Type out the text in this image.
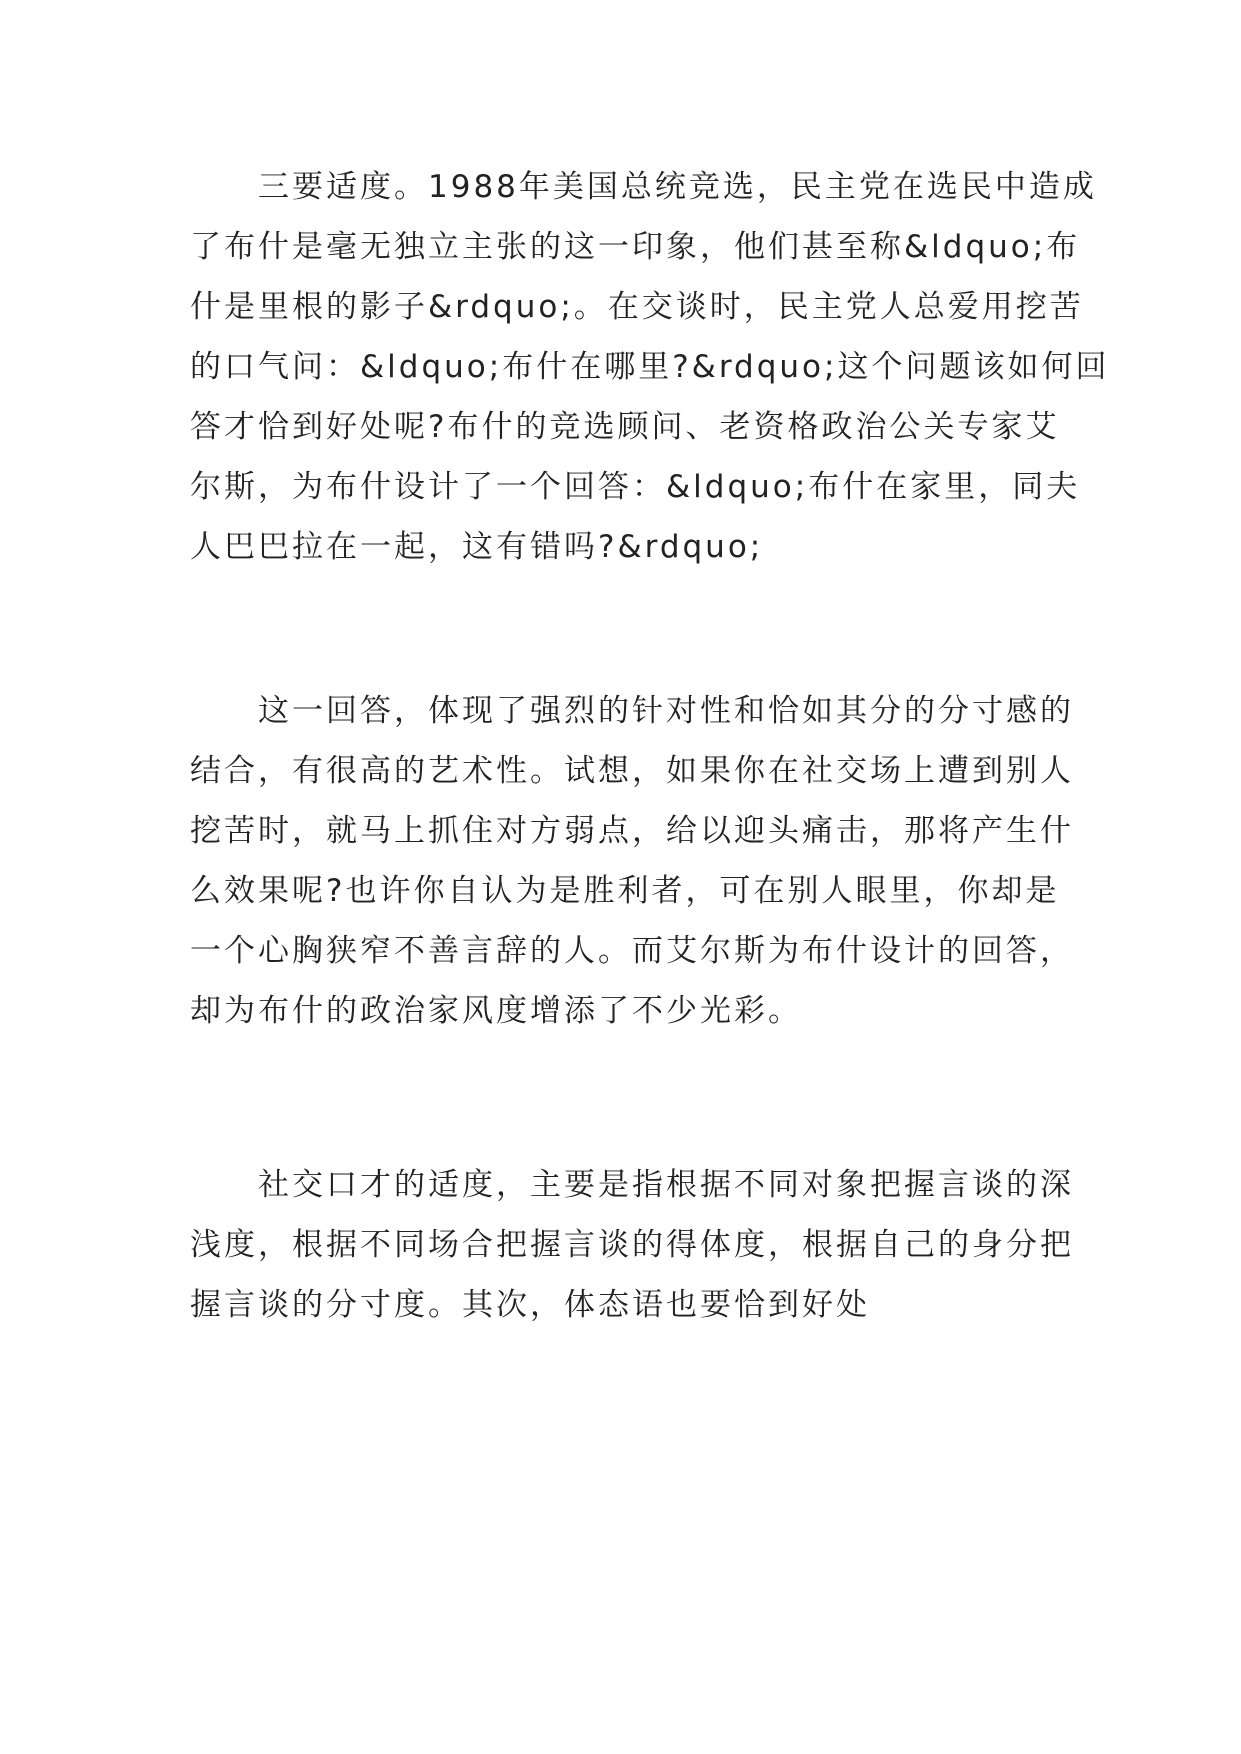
　　三要适度。1988年美国总统竞选，民主党在选民中造成
了布什是毫无独立主张的这一印象，他们甚至称&ldquo;布
什是里根的影子&rdquo;。在交谈时，民主党人总爱用挖苦
的口气问：&ldquo;布什在哪里?&rdquo;这个问题该如何回
答才恰到好处呢?布什的竞选顾问、老资格政治公关专家艾
尔斯，为布什设计了一个回答：&ldquo;布什在家里，同夫
人巴巴拉在一起，这有错吗?&rdquo;
　　这一回答，体现了强烈的针对性和恰如其分的分寸感的
结合，有很高的艺术性。试想，如果你在社交场上遭到别人
挖苦时，就马上抓住对方弱点，给以迎头痛击，那将产生什
么效果呢?也许你自认为是胜利者，可在别人眼里，你却是
一个心胸狭窄不善言辞的人。而艾尔斯为布什设计的回答，
却为布什的政治家风度增添了不少光彩。
　　社交口才的适度，主要是指根据不同对象把握言谈的深
浅度，根据不同场合把握言谈的得体度，根据自己的身分把
握言谈的分寸度。其次，体态语也要恰到好处
